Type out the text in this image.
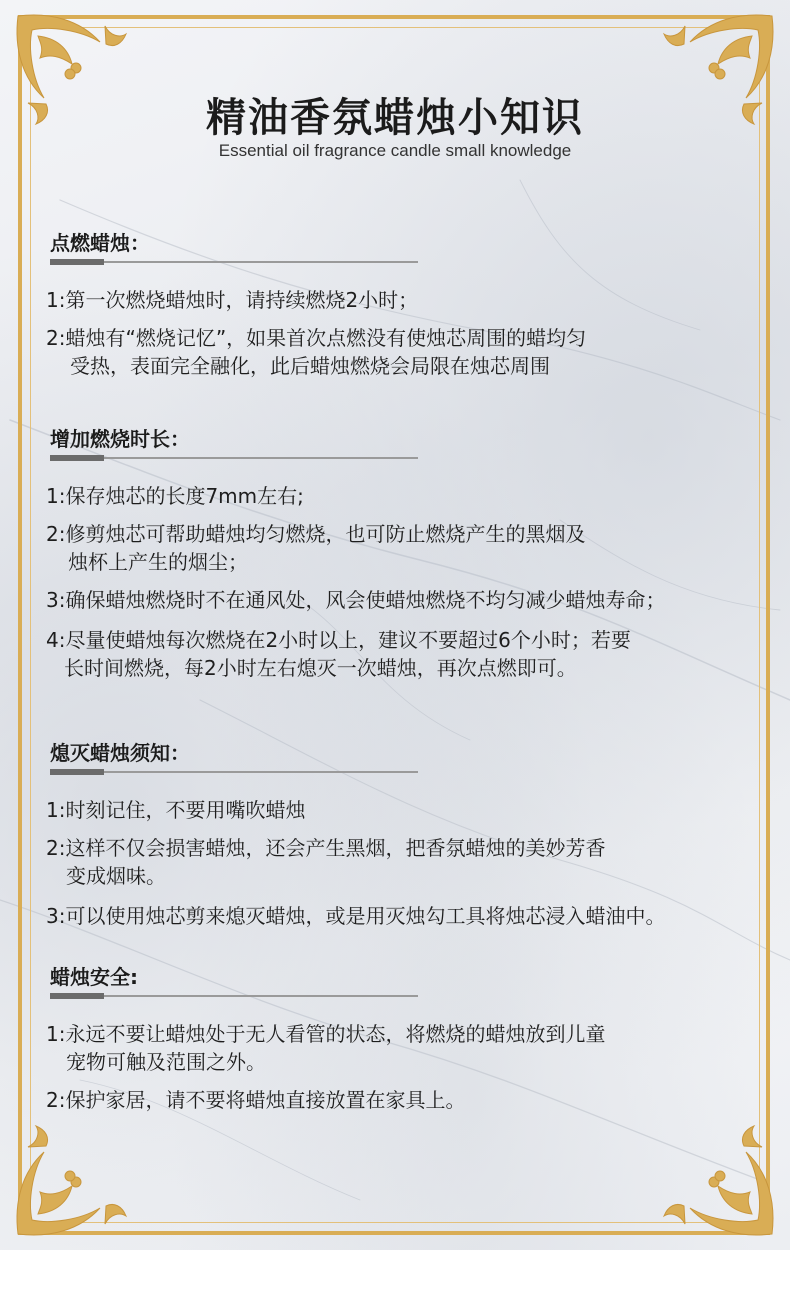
精油香氛蜡烛小知识
Essential oil fragrance candle small knowledge
点燃蜡烛：
1:第一次燃烧蜡烛时，请持续燃烧2小时；
2:蜡烛有“燃烧记忆”，如果首次点燃没有使烛芯周围的蜡均匀
受热，表面完全融化，此后蜡烛燃烧会局限在烛芯周围
增加燃烧时长：
1:保存烛芯的长度7mm左右;
2:修剪烛芯可帮助蜡烛均匀燃烧，也可防止燃烧产生的黑烟及
烛杯上产生的烟尘；
3:确保蜡烛燃烧时不在通风处，风会使蜡烛燃烧不均匀减少蜡烛寿命；
4:尽量使蜡烛每次燃烧在2小时以上，建议不要超过6个小时；若要
长时间燃烧，每2小时左右熄灭一次蜡烛，再次点燃即可。
熄灭蜡烛须知：
1:时刻记住，不要用嘴吹蜡烛
2:这样不仅会损害蜡烛，还会产生黑烟，把香氛蜡烛的美妙芳香
变成烟味。
3:可以使用烛芯剪来熄灭蜡烛，或是用灭烛勾工具将烛芯浸入蜡油中。
蜡烛安全:
1:永远不要让蜡烛处于无人看管的状态，将燃烧的蜡烛放到儿童
宠物可触及范围之外。
2:保护家居，请不要将蜡烛直接放置在家具上。
